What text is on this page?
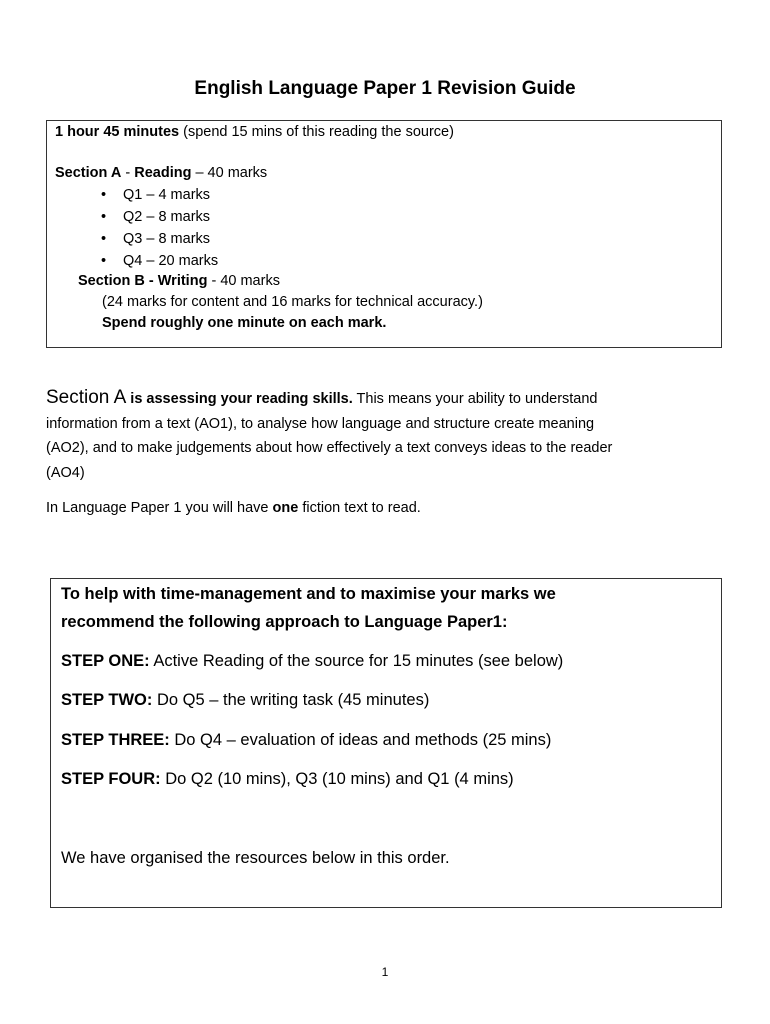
English Language Paper 1 Revision Guide
1 hour 45 minutes (spend 15 mins of this reading the source)
Section A - Reading – 40 marks
• Q1 – 4 marks
• Q2 – 8 marks
• Q3 – 8 marks
• Q4 – 20 marks
Section B - Writing - 40 marks
(24 marks for content and 16 marks for technical accuracy.)
Spend roughly one minute on each mark.
Section A is assessing your reading skills. This means your ability to understand
information from a text (AO1), to analyse how language and structure create meaning
(AO2), and to make judgements about how effectively a text conveys ideas to the reader
(AO4)
In Language Paper 1 you will have one fiction text to read.
To help with time-management and to maximise your marks we
recommend the following approach to Language Paper1:
STEP ONE: Active Reading of the source for 15 minutes (see below)
STEP TWO: Do Q5 – the writing task (45 minutes)
STEP THREE: Do Q4 – evaluation of ideas and methods (25 mins)
STEP FOUR: Do Q2 (10 mins), Q3 (10 mins) and Q1 (4 mins)
We have organised the resources below in this order.
1
